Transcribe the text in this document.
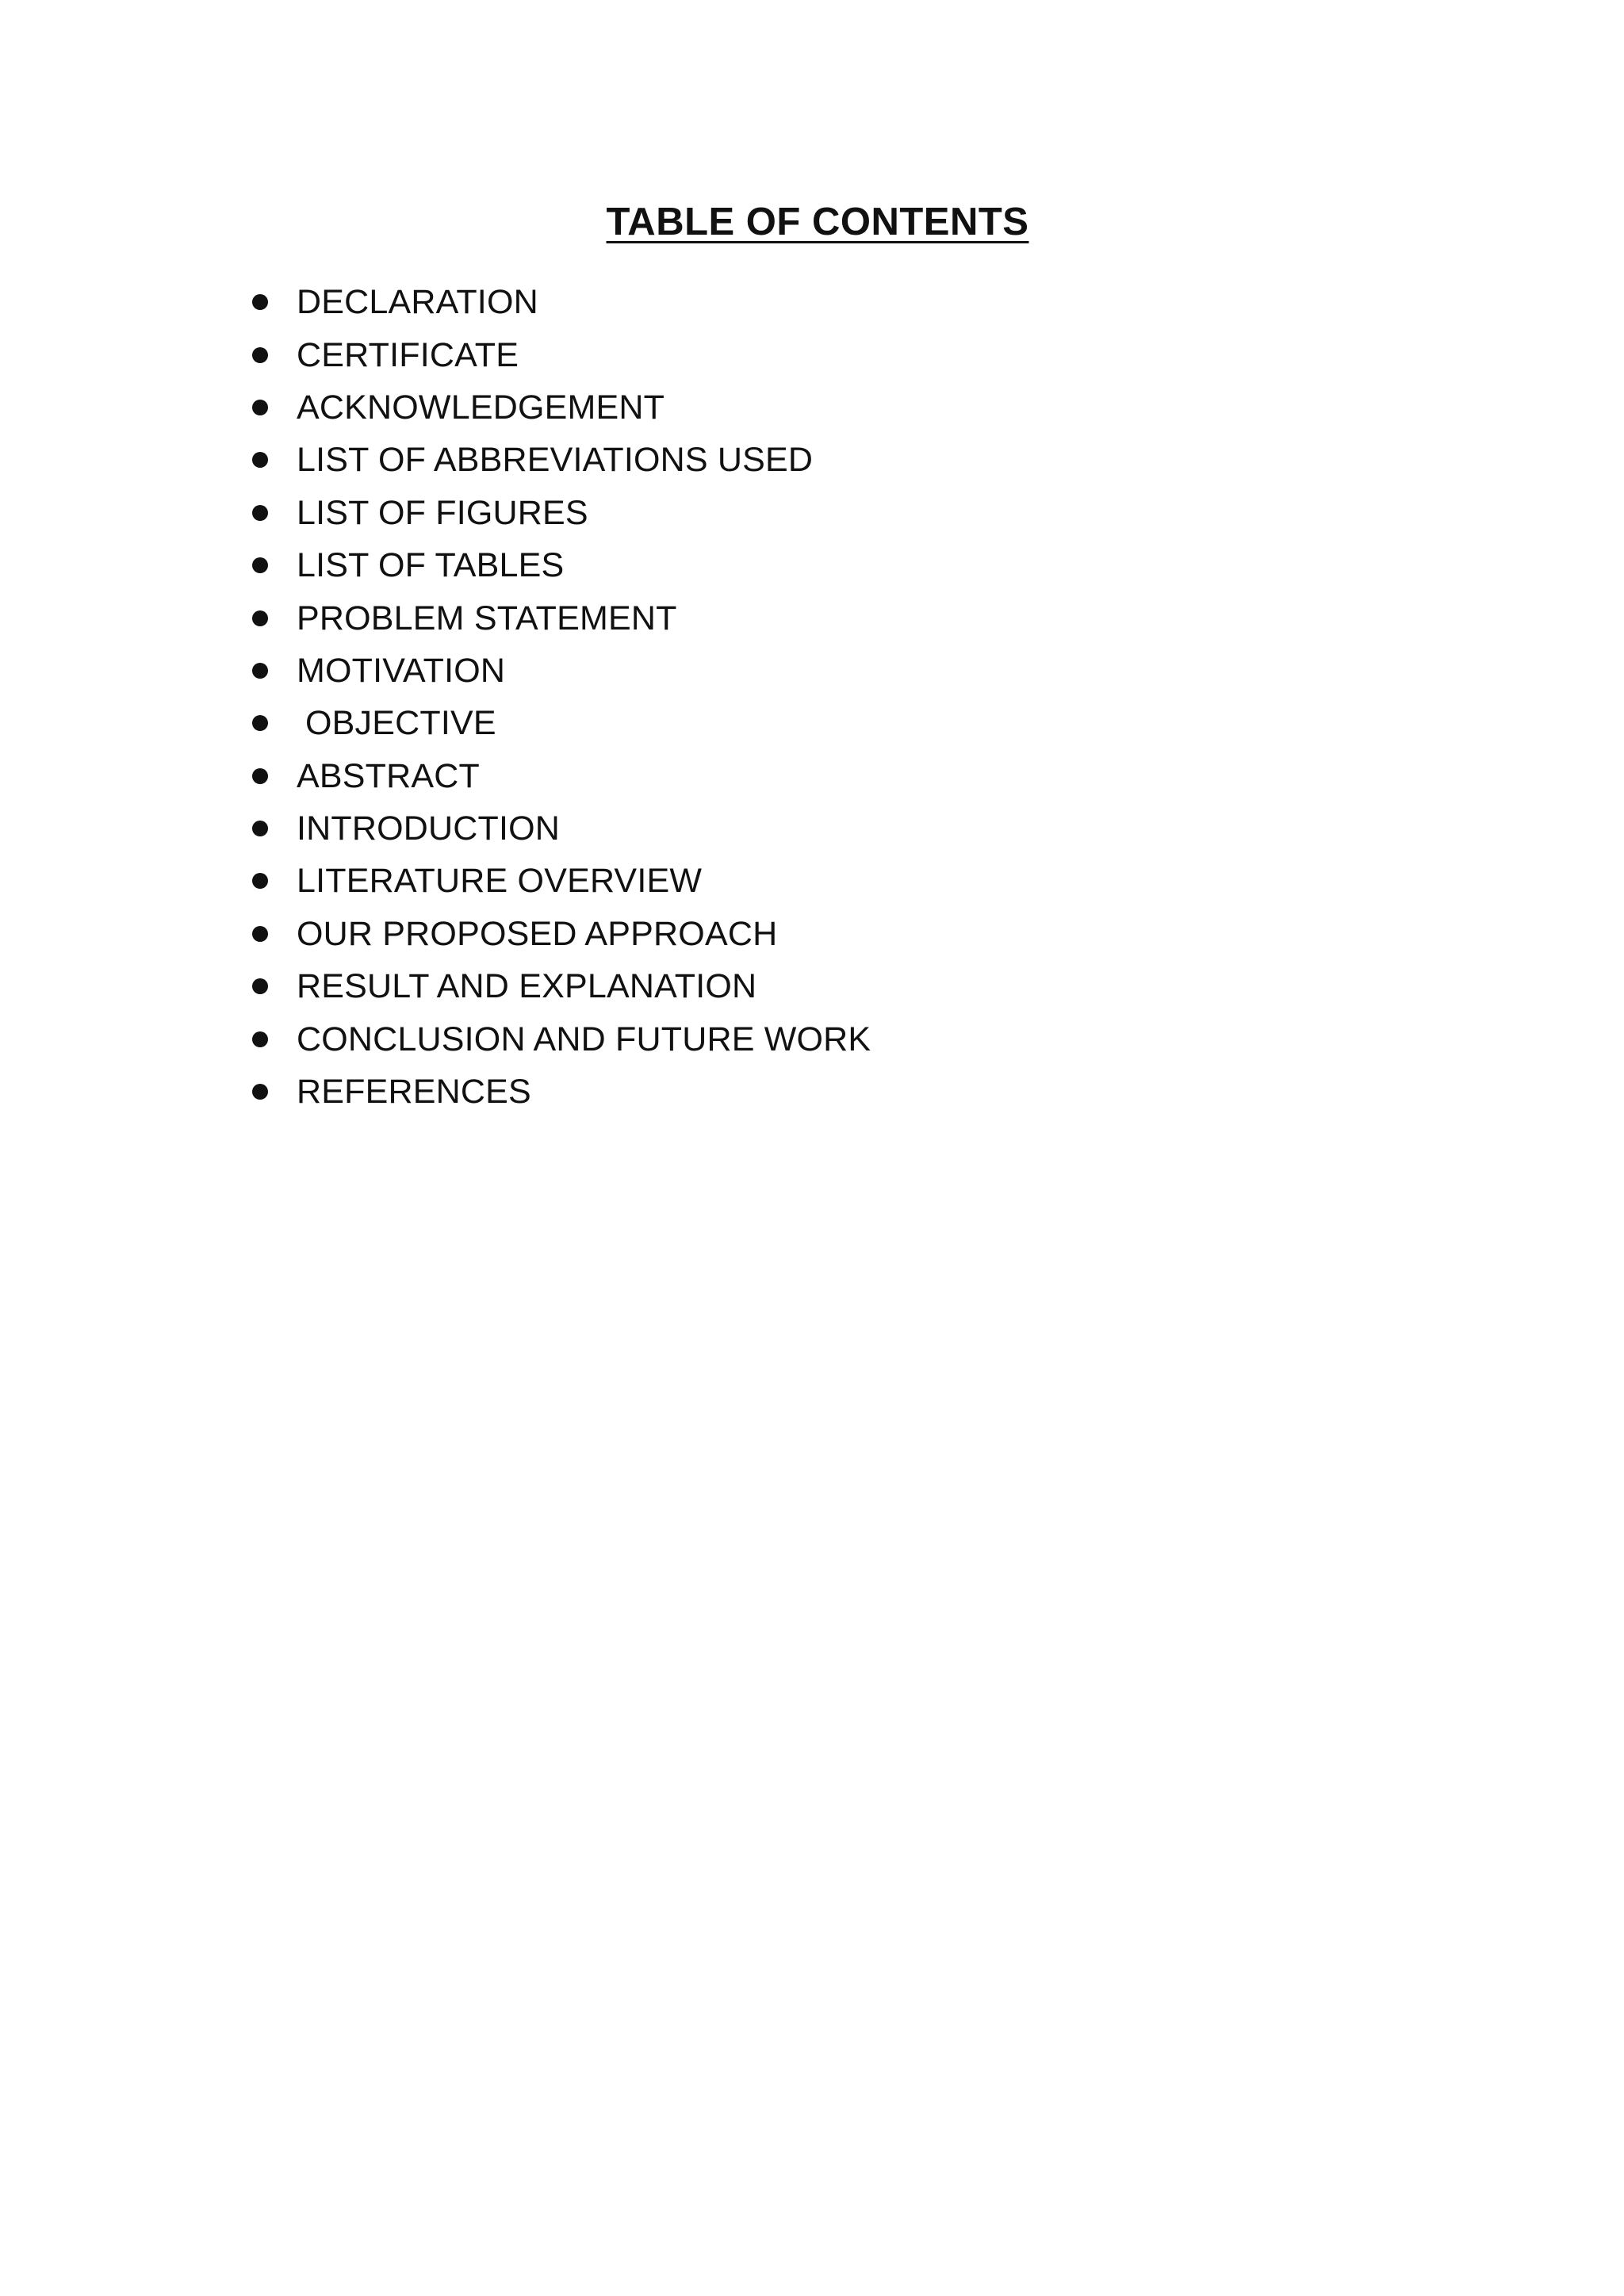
TABLE OF CONTENTS
DECLARATION
CERTIFICATE
ACKNOWLEDGEMENT
LIST OF ABBREVIATIONS USED
LIST OF FIGURES
LIST OF TABLES
PROBLEM STATEMENT
MOTIVATION
OBJECTIVE
ABSTRACT
INTRODUCTION
LITERATURE OVERVIEW
OUR PROPOSED APPROACH
RESULT AND EXPLANATION
CONCLUSION AND FUTURE WORK
REFERENCES
